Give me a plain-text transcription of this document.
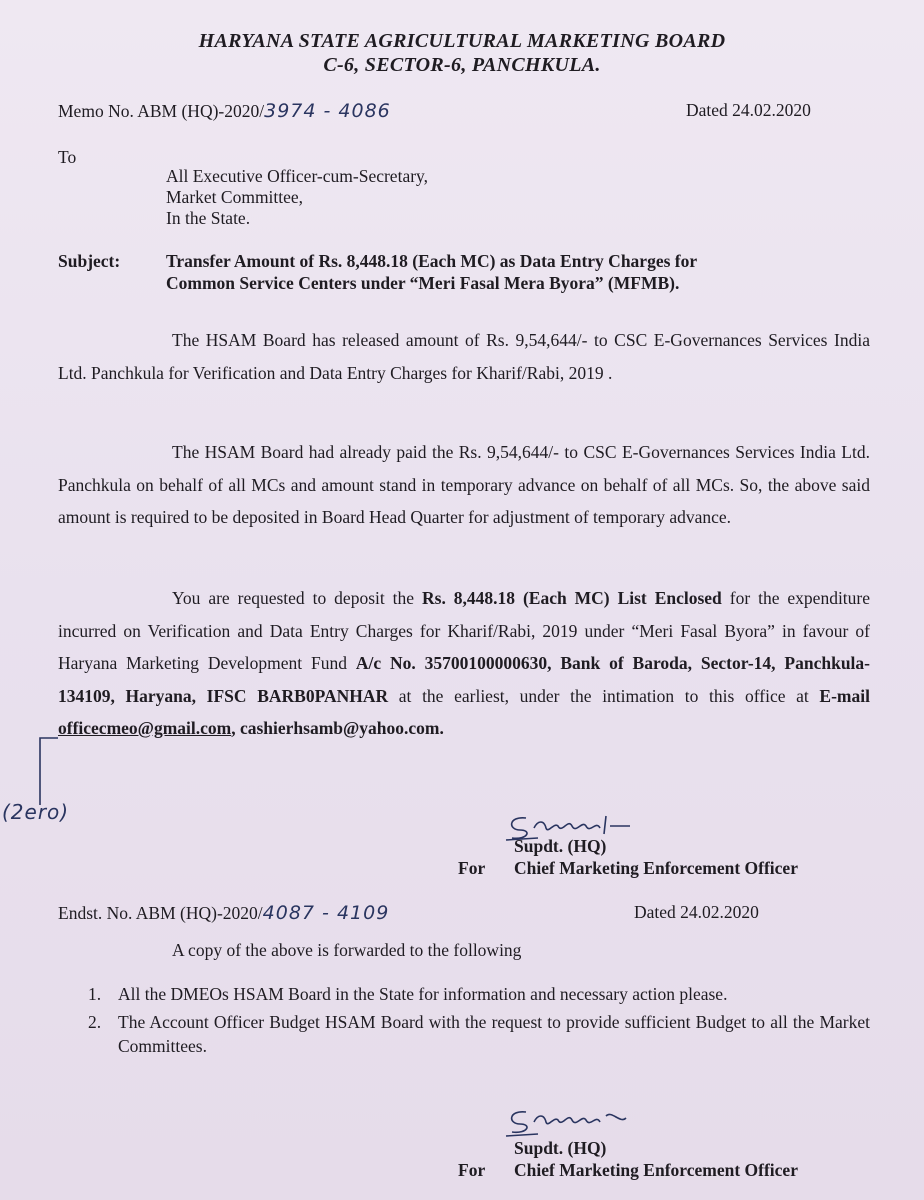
HARYANA STATE AGRICULTURAL MARKETING BOARD

C-6, SECTOR-6, PANCHKULA.

Memo No. ABM (HQ)-2020/3974 - 4086	Dated 24.02.2020
To
All Executive Officer-cum-Secretary,
Market Committee,
In the State.
Subject:	Transfer Amount of Rs. 8,448.18 (Each MC) as Data Entry Charges for
Common Service Centers under “Meri Fasal Mera Byora” (MFMB).
The HSAM Board has released amount of Rs. 9,54,644/- to CSC E-Governances Services India Ltd. Panchkula for Verification and Data Entry Charges for Kharif/Rabi, 2019 .
The HSAM Board had already paid the Rs. 9,54,644/- to CSC E-Governances Services India Ltd. Panchkula on behalf of all MCs and amount stand in temporary advance on behalf of all MCs. So, the above said amount is required to be deposited in Board Head Quarter for adjustment of temporary advance.
You are requested to deposit the Rs. 8,448.18 (Each MC) List Enclosed for the expenditure incurred on Verification and Data Entry Charges for Kharif/Rabi, 2019 under “Meri Fasal Byora” in favour of Haryana Marketing Development Fund A/c No. 35700100000630, Bank of Baroda, Sector-14, Panchkula-134109, Haryana, IFSC BARB0PANHAR at the earliest, under the intimation to this office at E-mail officecmeo@gmail.com, cashierhsamb@yahoo.com.
(2ero)
Supdt. (HQ)
For Chief Marketing Enforcement Officer
Endst. No. ABM (HQ)-2020/4087 - 4109	Dated 24.02.2020
A copy of the above is forwarded to the following
1. All the DMEOs HSAM Board in the State for information and necessary action please.
2. The Account Officer Budget HSAM Board with the request to provide sufficient Budget to all the Market Committees.
Supdt. (HQ)
For Chief Marketing Enforcement Officer
